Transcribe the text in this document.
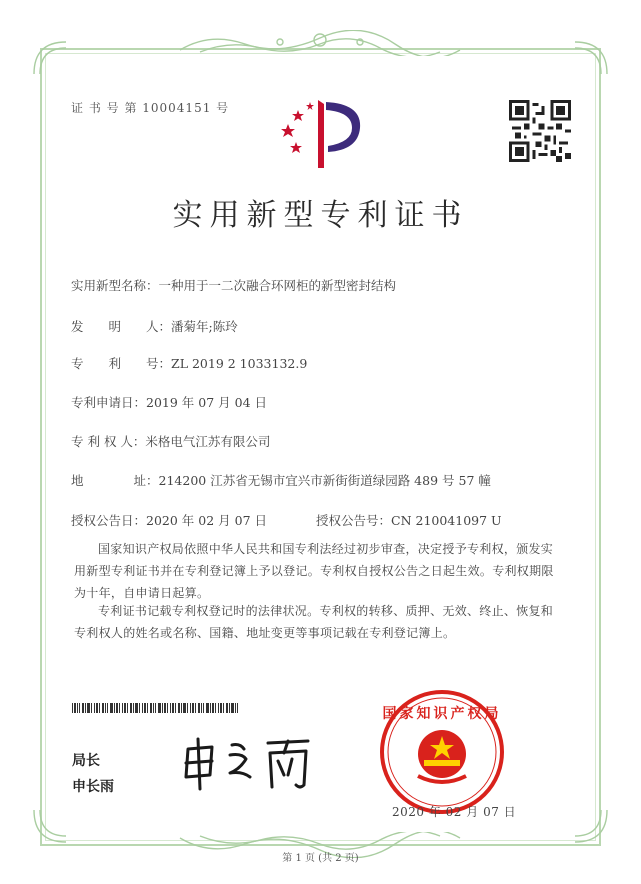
证 书 号 第 10004151 号
实用新型专利证书
实用新型名称：一种用于一二次融合环网柜的新型密封结构
发　　明　　人：潘菊年;陈玲
专　　利　　号：ZL 2019 2 1033132.9
专利申请日：2019 年 07 月 04 日
专 利 权 人：米格电气江苏有限公司
地　　　　址：214200 江苏省无锡市宜兴市新街街道绿园路 489 号 57 幢
授权公告日：2020 年 02 月 07 日	授权公告号：CN 210041097 U
国家知识产权局依照中华人民共和国专利法经过初步审查，决定授予专利权，颁发实用新型专利证书并在专利登记簿上予以登记。专利权自授权公告之日起生效。专利权期限为十年，自申请日起算。
专利证书记载专利权登记时的法律状况。专利权的转移、质押、无效、终止、恢复和专利权人的姓名或名称、国籍、地址变更等事项记载在专利登记簿上。
局长
申长雨
国家知识产权局
2020 年 02 月 07 日
第 1 页 (共 2 页)
